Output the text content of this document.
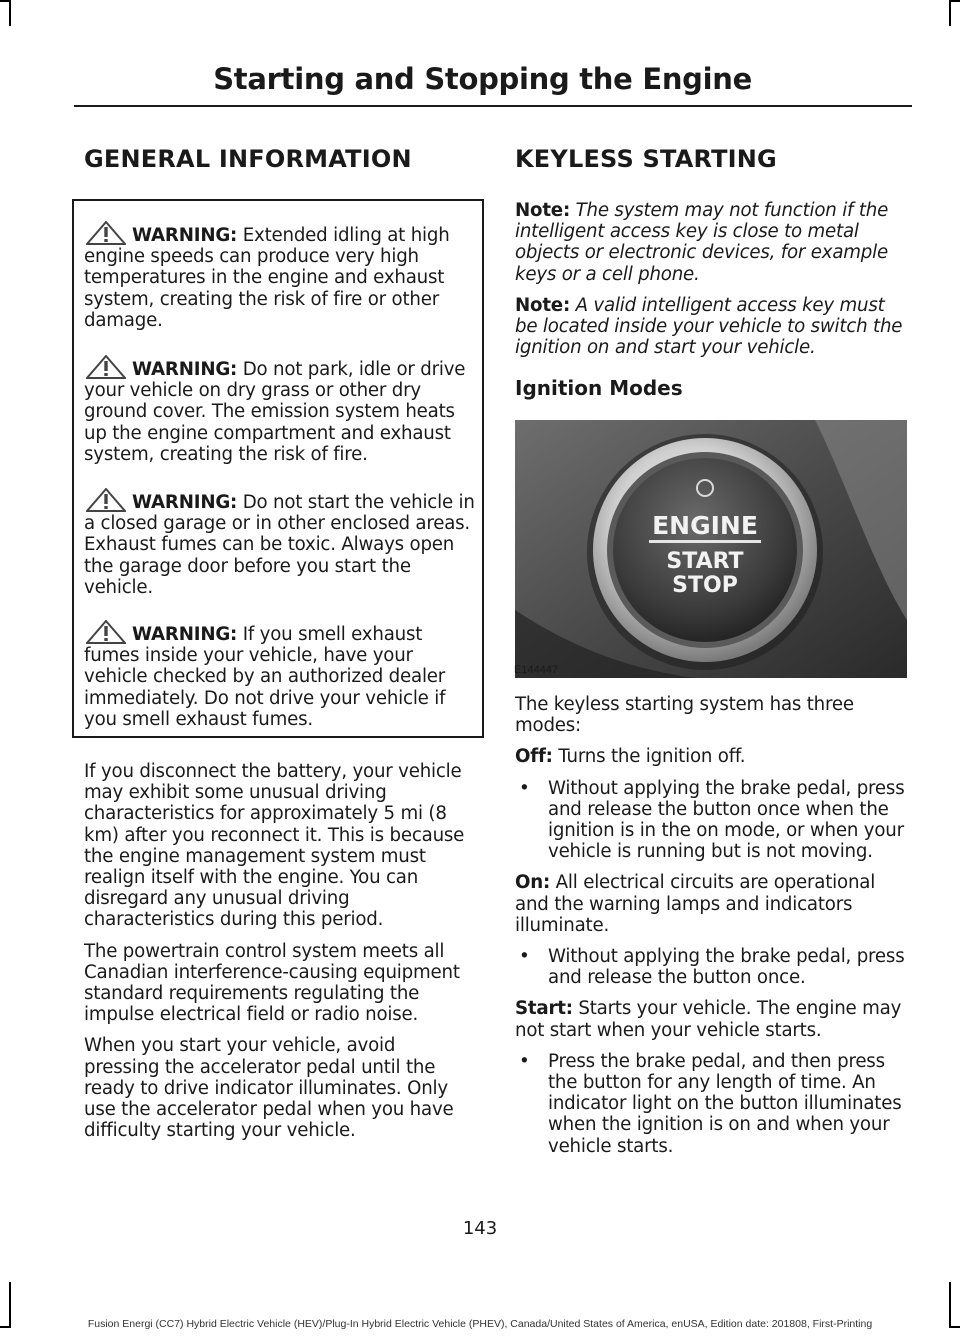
Starting and Stopping the Engine
GENERAL INFORMATION
WARNING: Extended idling at high engine speeds can produce very high temperatures in the engine and exhaust system, creating the risk of fire or other damage.
WARNING: Do not park, idle or drive your vehicle on dry grass or other dry ground cover. The emission system heats up the engine compartment and exhaust system, creating the risk of fire.
WARNING: Do not start the vehicle in a closed garage or in other enclosed areas. Exhaust fumes can be toxic. Always open the garage door before you start the vehicle.
WARNING: If you smell exhaust fumes inside your vehicle, have your vehicle checked by an authorized dealer immediately. Do not drive your vehicle if you smell exhaust fumes.

If you disconnect the battery, your vehicle may exhibit some unusual driving characteristics for approximately 5 mi (8 km) after you reconnect it. This is because the engine management system must realign itself with the engine. You can disregard any unusual driving characteristics during this period.

The powertrain control system meets all Canadian interference-causing equipment standard requirements regulating the impulse electrical field or radio noise.

When you start your vehicle, avoid pressing the accelerator pedal until the ready to drive indicator illuminates. Only use the accelerator pedal when you have difficulty starting your vehicle.

KEYLESS STARTING

Note: The system may not function if the intelligent access key is close to metal objects or electronic devices, for example keys or a cell phone.

Note: A valid intelligent access key must be located inside your vehicle to switch the ignition on and start your vehicle.

Ignition Modes
ENGINE
START
STOP
E144447

The keyless starting system has three modes:

Off: Turns the ignition off.

• Without applying the brake pedal, press and release the button once when the ignition is in the on mode, or when your vehicle is running but is not moving.

On: All electrical circuits are operational and the warning lamps and indicators illuminate.

• Without applying the brake pedal, press and release the button once.

Start: Starts your vehicle. The engine may not start when your vehicle starts.

• Press the brake pedal, and then press the button for any length of time. An indicator light on the button illuminates when the ignition is on and when your vehicle starts.
143
Fusion Energi (CC7) Hybrid Electric Vehicle (HEV)/Plug-In Hybrid Electric Vehicle (PHEV), Canada/United States of America, enUSA, Edition date: 201808, First-Printing
